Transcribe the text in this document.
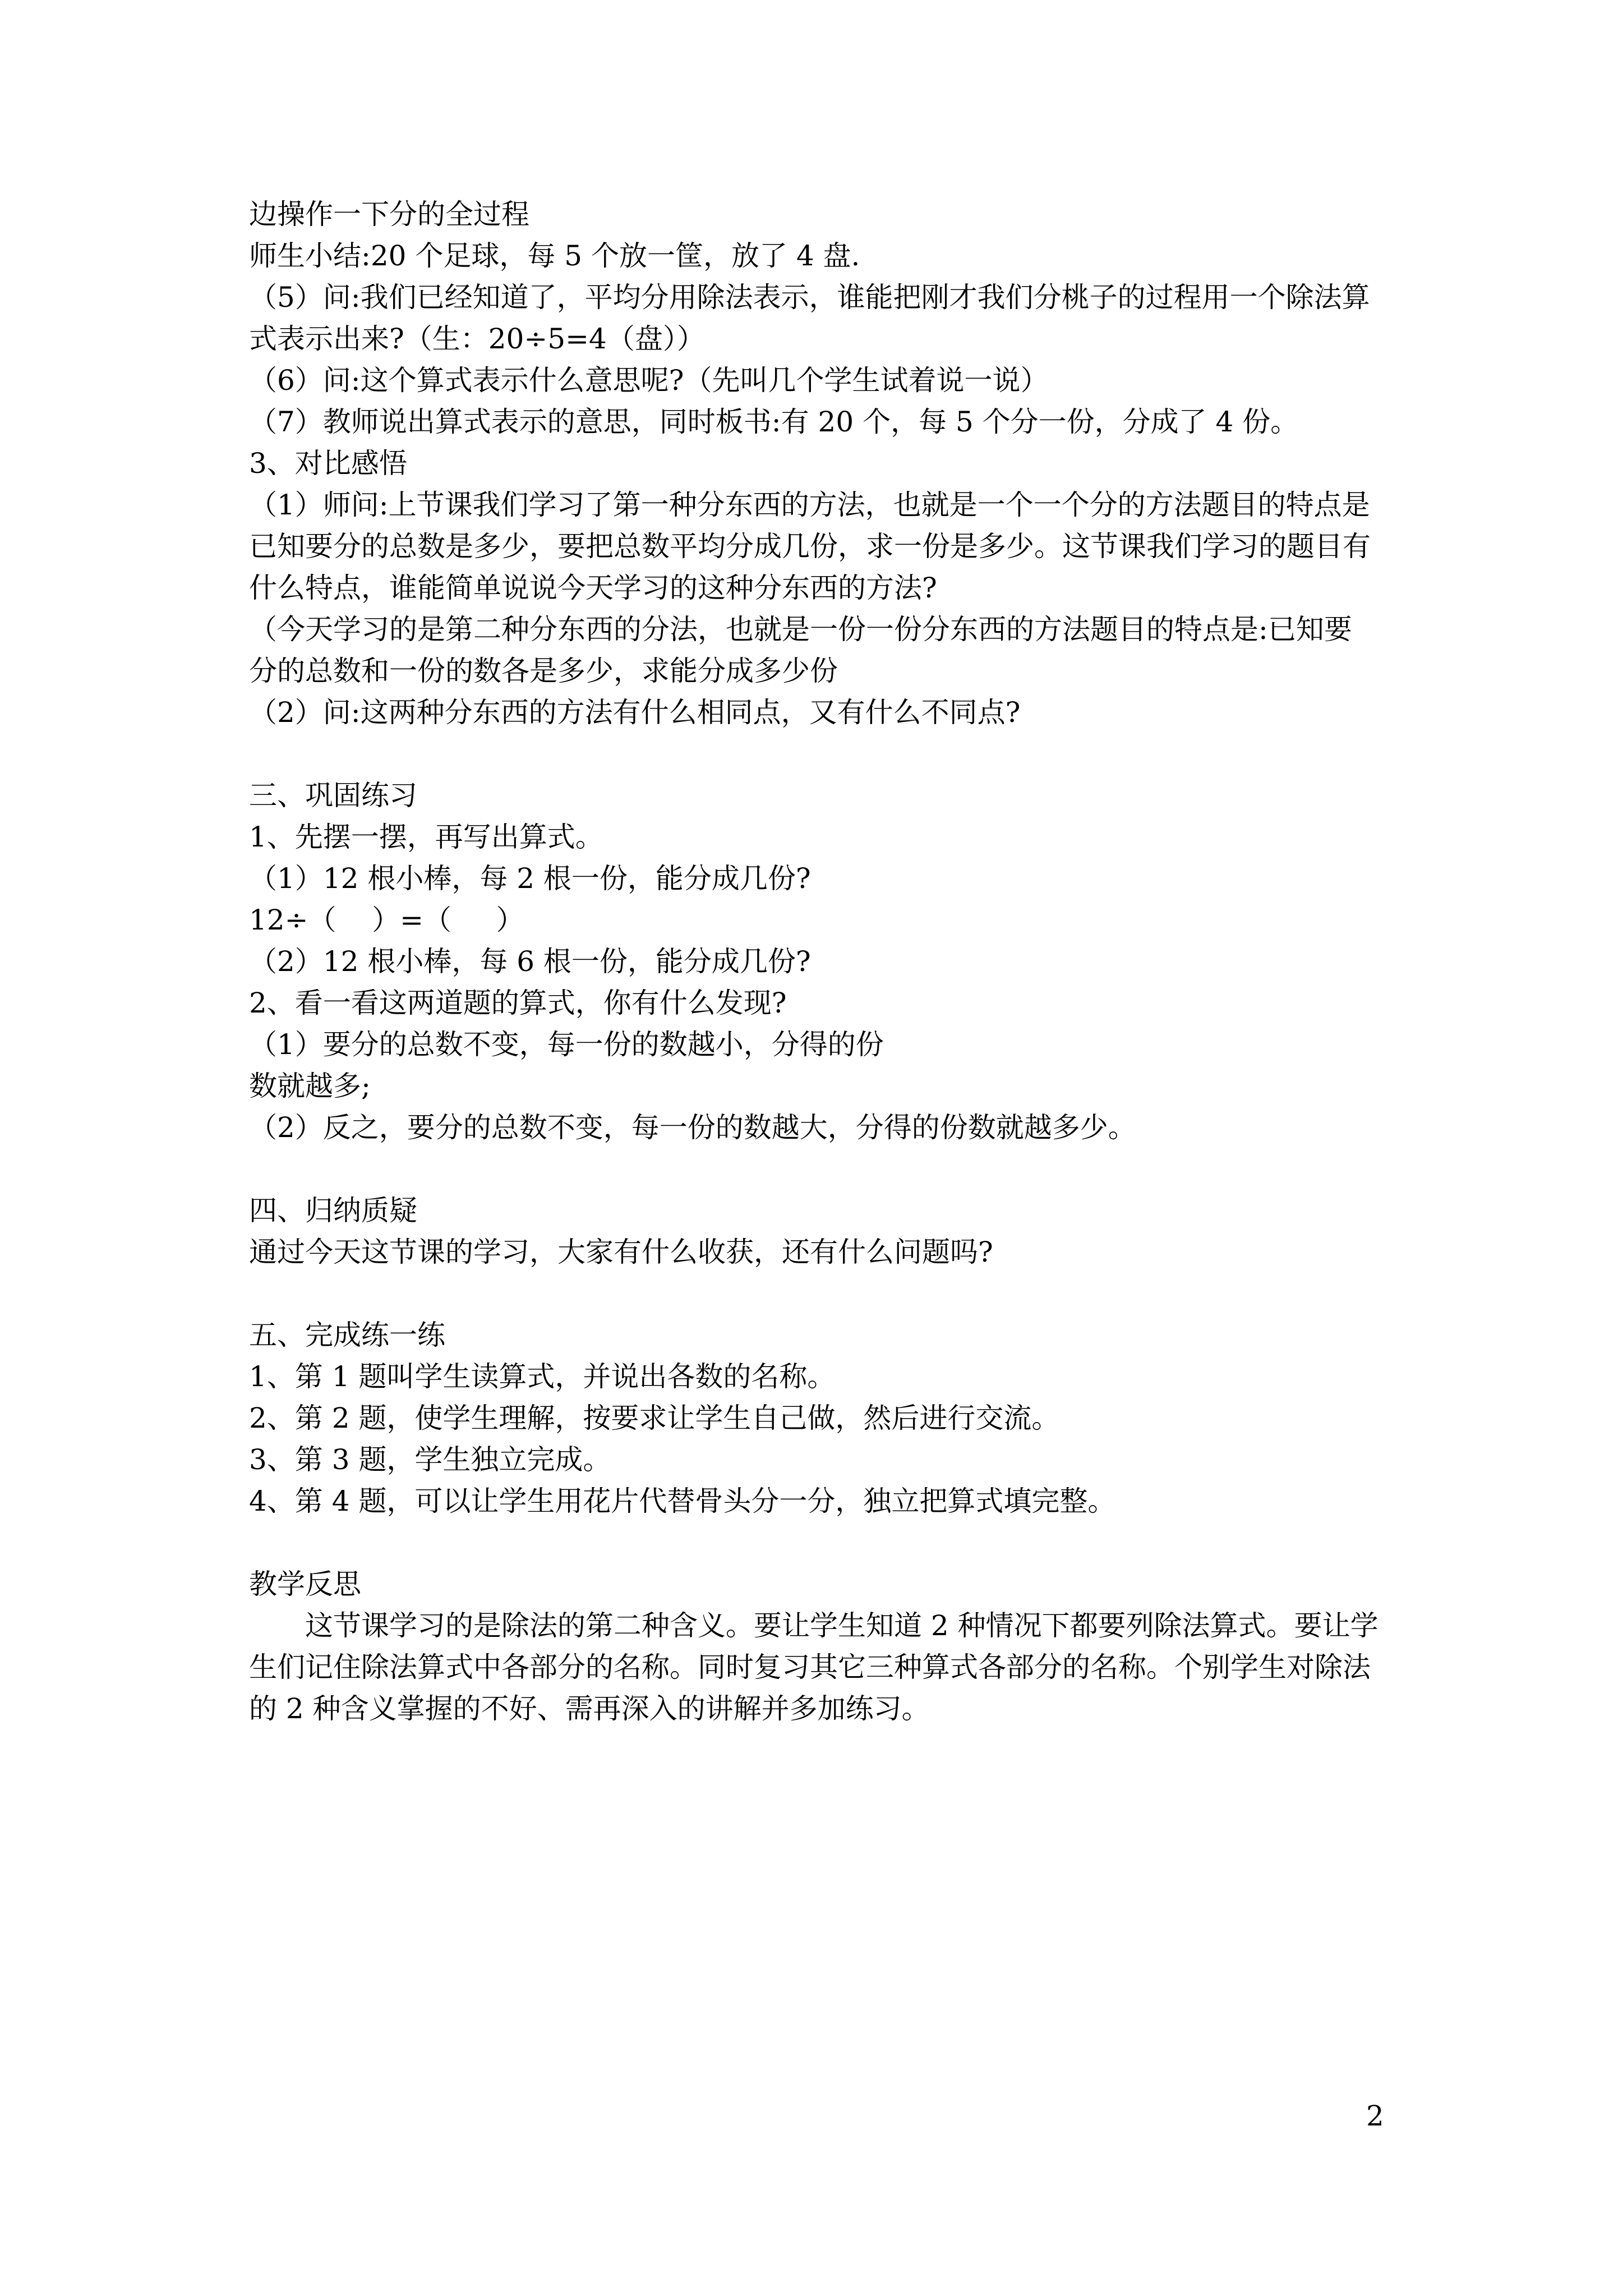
边操作一下分的全过程

师生小结:20 个足球，每 5 个放一筐，放了 4 盘.

（5）问:我们已经知道了，平均分用除法表示，谁能把刚才我们分桃子的过程用一个除法算

式表示出来?（生：20÷5=4（盘））

（6）问:这个算式表示什么意思呢?（先叫几个学生试着说一说）

（7）教师说出算式表示的意思，同时板书:有 20 个，每 5 个分一份，分成了 4 份。

3、对比感悟

（1）师问:上节课我们学习了第一种分东西的方法，也就是一个一个分的方法题目的特点是

已知要分的总数是多少，要把总数平均分成几份，求一份是多少。这节课我们学习的题目有

什么特点，谁能简单说说今天学习的这种分东西的方法?

（今天学习的是第二种分东西的分法，也就是一份一份分东西的方法题目的特点是:已知要

分的总数和一份的数各是多少，求能分成多少份

（2）问:这两种分东西的方法有什么相同点，又有什么不同点?

三、巩固练习

1、先摆一摆，再写出算式。

（1）12 根小棒，每 2 根一份，能分成几份?

12÷（    ）=（     ）

（2）12 根小棒，每 6 根一份，能分成几份?

2、看一看这两道题的算式，你有什么发现?

（1）要分的总数不变，每一份的数越小，分得的份

数就越多;

（2）反之，要分的总数不变，每一份的数越大，分得的份数就越多少。

四、归纳质疑

通过今天这节课的学习，大家有什么收获，还有什么问题吗?

五、完成练一练

1、第 1 题叫学生读算式，并说出各数的名称。

2、第 2 题，使学生理解，按要求让学生自己做，然后进行交流。

3、第 3 题，学生独立完成。

4、第 4 题，可以让学生用花片代替骨头分一分，独立把算式填完整。

教学反思

这节课学习的是除法的第二种含义。要让学生知道 2 种情况下都要列除法算式。要让学

生们记住除法算式中各部分的名称。同时复习其它三种算式各部分的名称。个别学生对除法

的 2 种含义掌握的不好、需再深入的讲解并多加练习。

2
